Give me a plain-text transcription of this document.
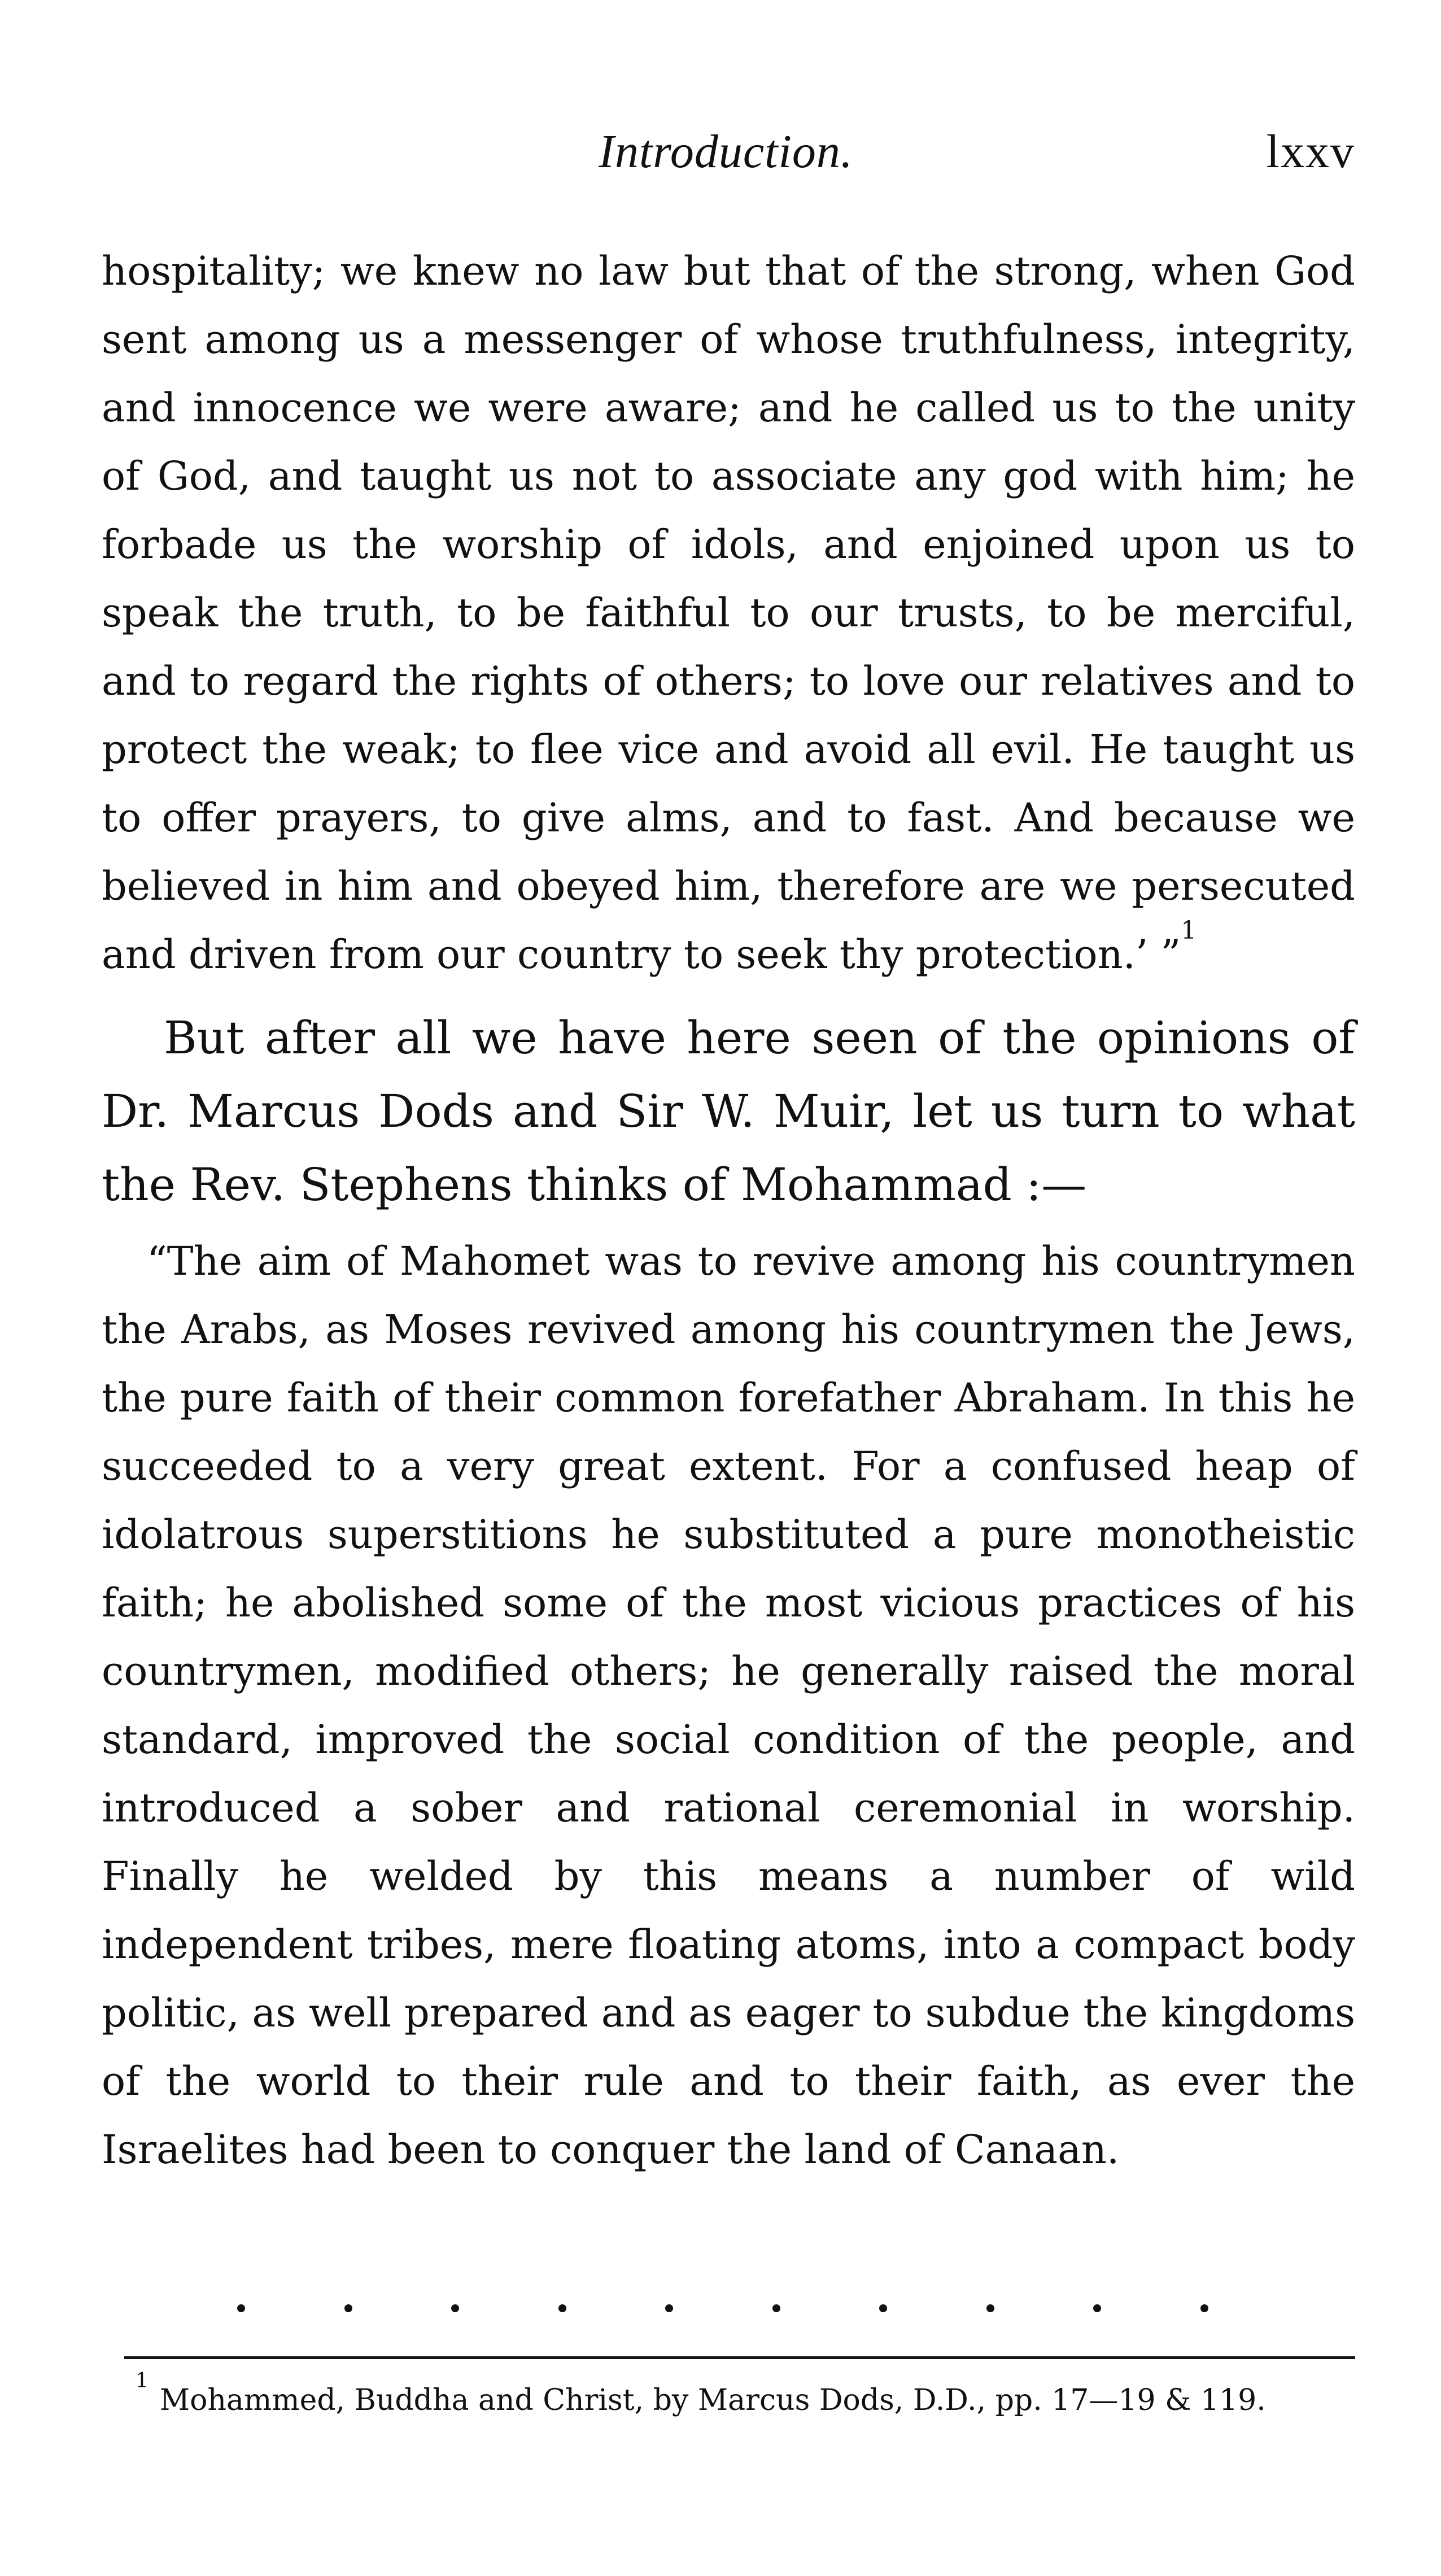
Introduction.	lxxv

hospitality; we knew no law but that of the strong, when God sent among us a messenger of whose truthfulness, integrity, and innocence we were aware; and he called us to the unity of God, and taught us not to associate any god with him; he forbade us the worship of idols, and enjoined upon us to speak the truth, to be faithful to our trusts, to be merciful, and to regard the rights of others; to love our relatives and to protect the weak; to flee vice and avoid all evil. He taught us to offer prayers, to give alms, and to fast. And because we believed in him and obeyed him, therefore are we persecuted and driven from our country to seek thy protection.’ ”$^1$

But after all we have here seen of the opinions of Dr. Marcus Dods and Sir W. Muir, let us turn to what the Rev. Stephens thinks of Mohammad :—

“The aim of Mahomet was to revive among his countrymen the Arabs, as Moses revived among his countrymen the Jews, the pure faith of their common forefather Abraham. In this he succeeded to a very great extent. For a confused heap of idolatrous superstitions he substituted a pure monotheistic faith; he abolished some of the most vicious practices of his countrymen, modified others; he generally raised the moral standard, improved the social condition of the people, and introduced a sober and rational ceremonial in worship. Finally he welded by this means a number of wild independent tribes, mere floating atoms, into a compact body politic, as well prepared and as eager to subdue the kingdoms of the world to their rule and to their faith, as ever the Israelites had been to conquer the land of Canaan.

$^1$Mohammed, Buddha and Christ, by Marcus Dods, D.D., pp. 17—19 & 119.
